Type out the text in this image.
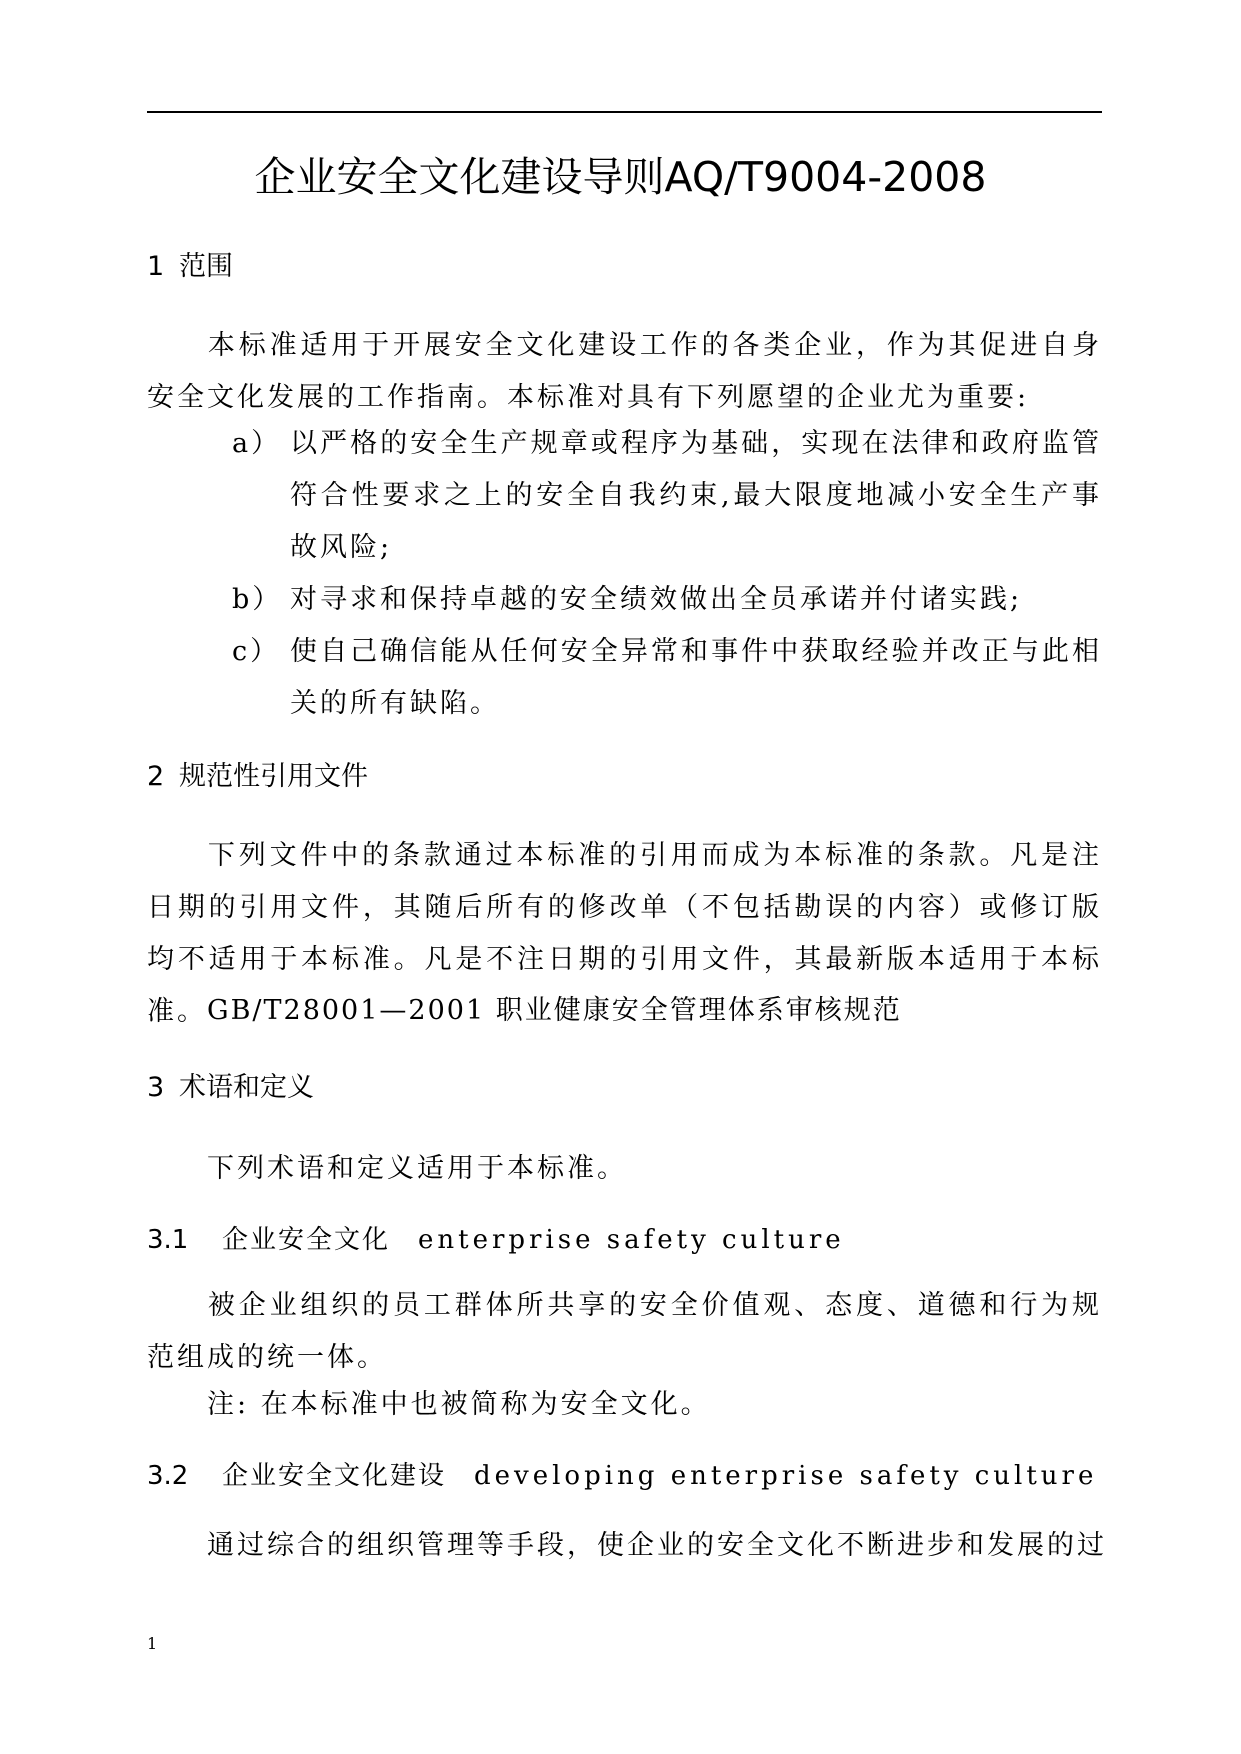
企业安全文化建设导则AQ/T9004-2008
1 范围
本标准适用于开展安全文化建设工作的各类企业，作为其促进自身安全文化发展的工作指南。本标准对具有下列愿望的企业尤为重要:
a） 以严格的安全生产规章或程序为基础，实现在法律和政府监管符合性要求之上的安全自我约束,最大限度地减小安全生产事故风险;
b） 对寻求和保持卓越的安全绩效做出全员承诺并付诸实践;
c） 使自己确信能从任何安全异常和事件中获取经验并改正与此相关的所有缺陷。
2 规范性引用文件
下列文件中的条款通过本标准的引用而成为本标准的条款。凡是注日期的引用文件，其随后所有的修改单（不包括勘误的内容）或修订版均不适用于本标准。凡是不注日期的引用文件，其最新版本适用于本标准。 GB/T28001—2001 职业健康安全管理体系审核规范
3 术语和定义
下列术语和定义适用于本标准。
3.1 企业安全文化 enterprise safety culture
被企业组织的员工群体所共享的安全价值观、态度、道德和行为规范组成的统一体。
注: 在本标准中也被简称为安全文化。
3.2 企业安全文化建设 developing enterprise safety culture
通过综合的组织管理等手段，使企业的安全文化不断进步和发展的过
1
